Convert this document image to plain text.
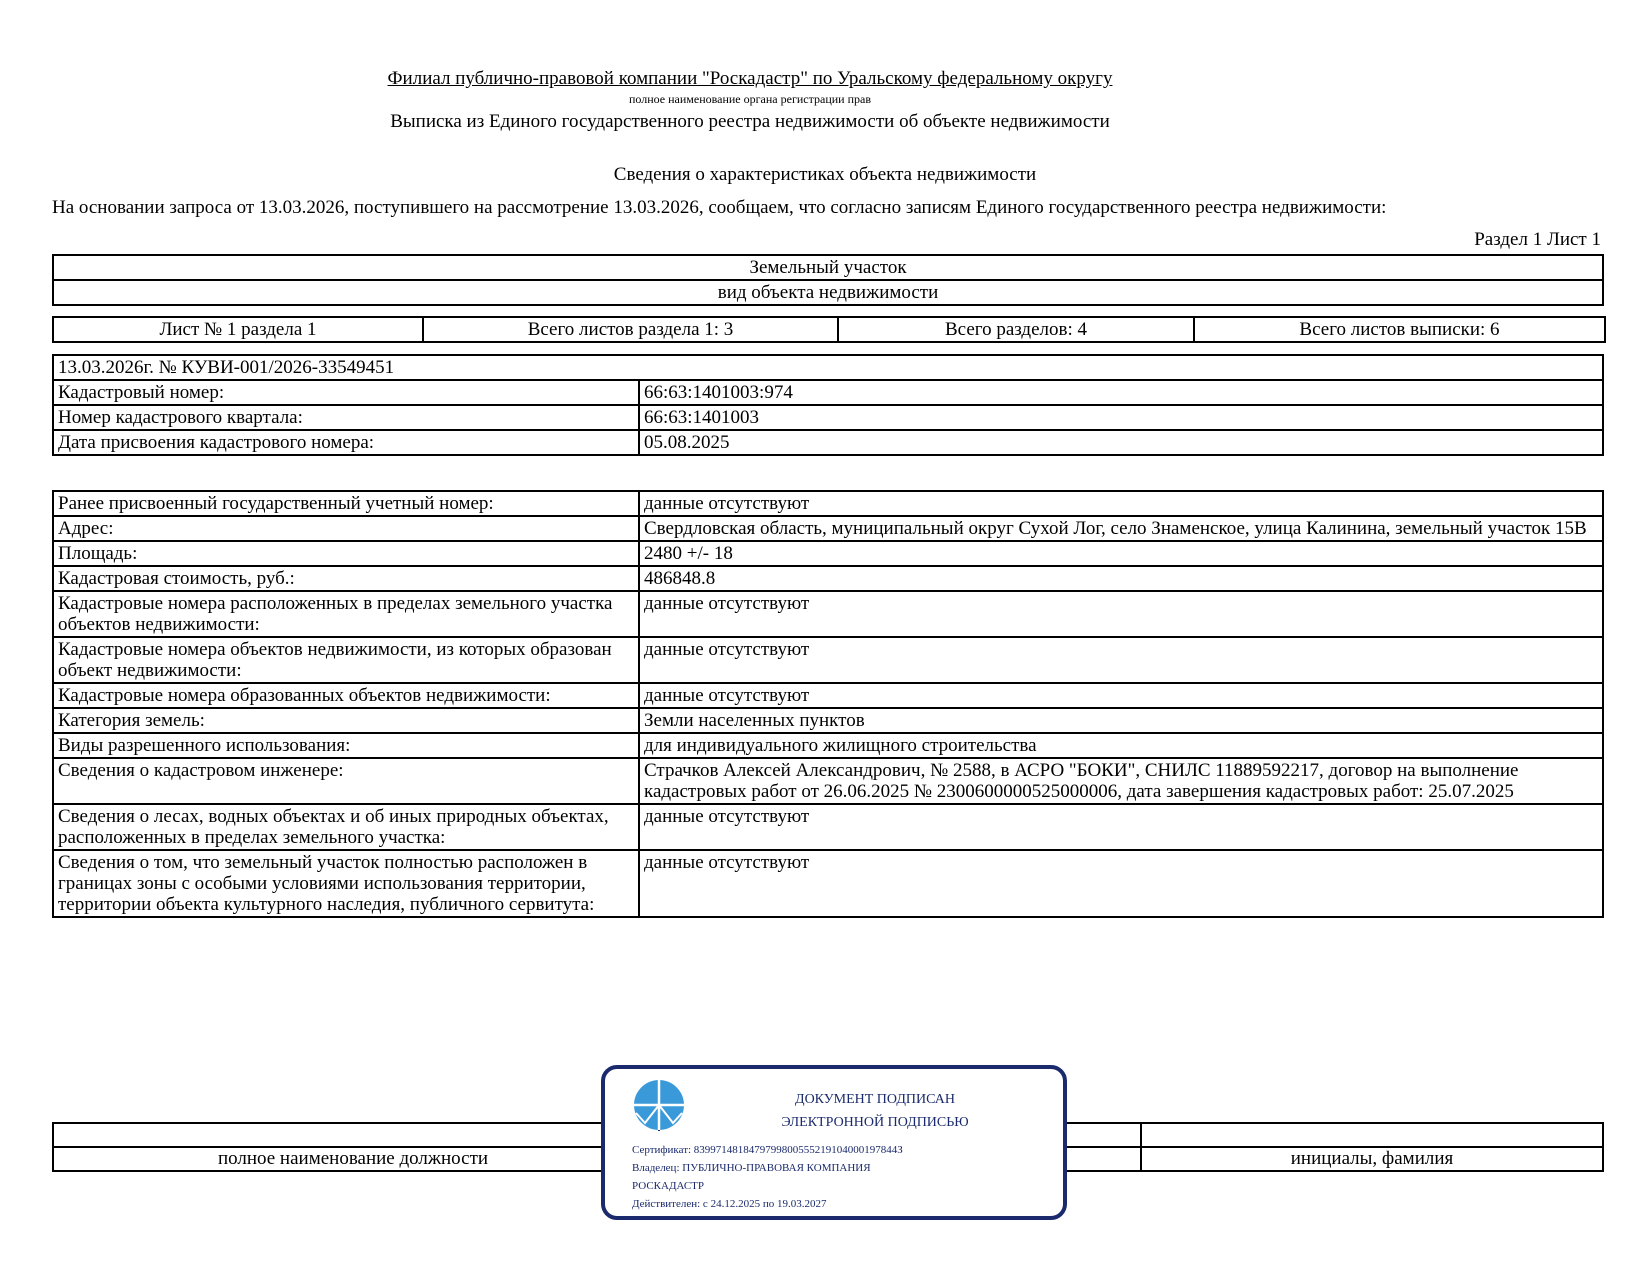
Филиал публично-правовой компании "Роскадастр" по Уральскому федеральному округу
полное наименование органа регистрации прав
Выписка из Единого государственного реестра недвижимости об объекте недвижимости
Сведения о характеристиках объекта недвижимости
На основании запроса от 13.03.2026, поступившего на рассмотрение 13.03.2026, сообщаем, что согласно записям Единого государственного реестра недвижимости:
Раздел 1 Лист 1
Земельный участок
вид объекта недвижимости
Лист № 1 раздела 1	Всего листов раздела 1: 3	Всего разделов: 4	Всего листов выписки: 6
13.03.2026г. № КУВИ-001/2026-33549451	
Кадастровый номер:	66:63:1401003:974
Номер кадастрового квартала:	66:63:1401003
Дата присвоения кадастрового номера:	05.08.2025
Ранее присвоенный государственный учетный номер:	данные отсутствуют
Адрес:	Свердловская область, муниципальный округ Сухой Лог, село Знаменское, улица Калинина, земельный участок 15В
Площадь:	2480 +/- 18
Кадастровая стоимость, руб.:	486848.8
Кадастровые номера расположенных в пределах земельного участка объектов недвижимости:	данные отсутствуют
Кадастровые номера объектов недвижимости, из которых образован объект недвижимости:	данные отсутствуют
Кадастровые номера образованных объектов недвижимости:	данные отсутствуют
Категория земель:	Земли населенных пунктов
Виды разрешенного использования:	для индивидуального жилищного строительства
Сведения о кадастровом инженере:	Страчков Алексей Александрович, № 2588, в АСРО "БОКИ", СНИЛС 11889592217, договор на выполнение кадастровых работ от 26.06.2025 № 2300600000525000006, дата завершения кадастровых работ: 25.07.2025
Сведения о лесах, водных объектах и об иных природных объектах, расположенных в пределах земельного участка:	данные отсутствуют
Сведения о том, что земельный участок полностью расположен в границах зоны с особыми условиями использования территории, территории объекта культурного наследия, публичного сервитута:	данные отсутствуют

полное наименование должности		инициалы, фамилия
ДОКУМЕНТ ПОДПИСАН
ЭЛЕКТРОННОЙ ПОДПИСЬЮ
Сертификат: 8399714818479799800555219104000197844З
Владелец: ПУБЛИЧНО-ПРАВОВАЯ КОМПАНИЯ
РОСКАДАСТР
Действителен: с 24.12.2025 по 19.03.2027
